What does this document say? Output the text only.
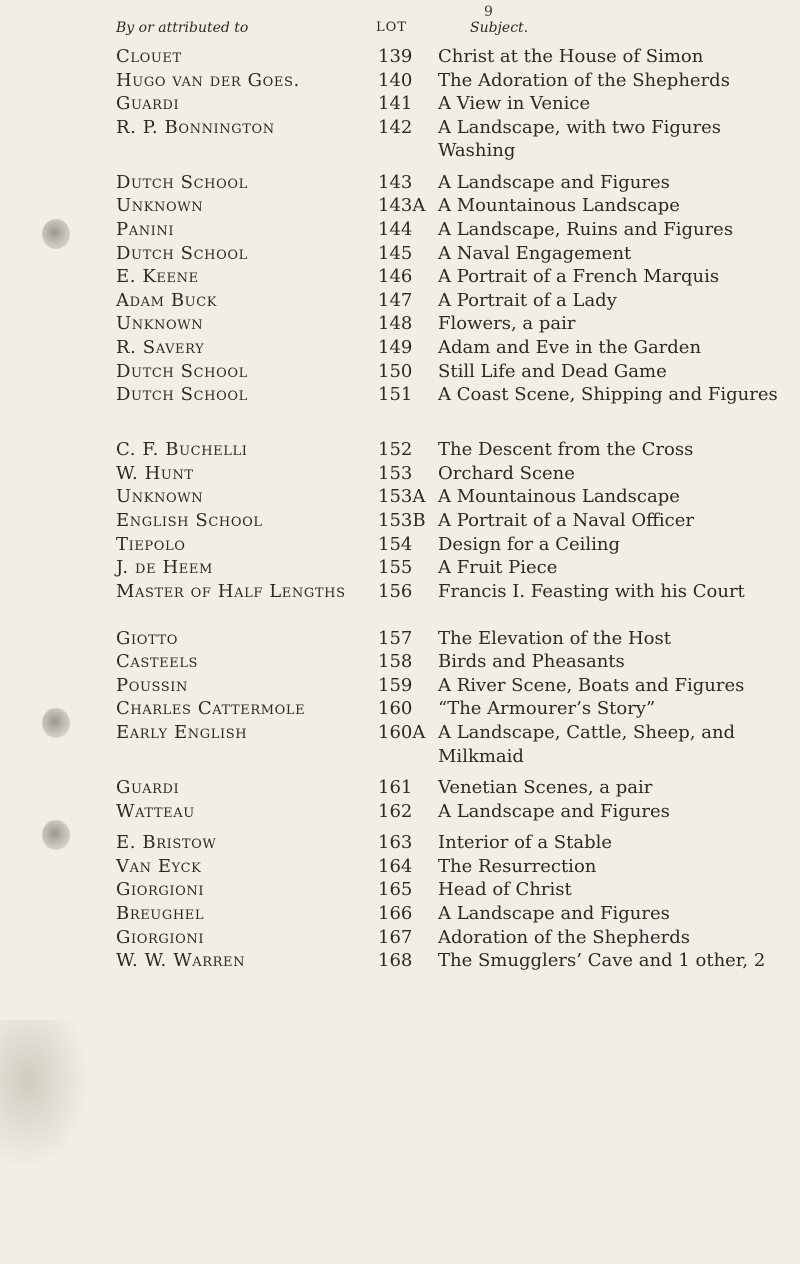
9
By or attributed to	LOT	Subject.
Clouet	139 Christ at the House of Simon
Hugo van der Goes.	140 The Adoration of the Shepherds
Guardi	141 A View in Venice
R. P. Bonnington	142 A Landscape, with two Figures Washing
Dutch School	143 A Landscape and Figures
Unknown	143A A Mountainous Landscape
Panini	144 A Landscape, Ruins and Figures
Dutch School	145 A Naval Engagement
E. Keene	146 A Portrait of a French Marquis
Adam Buck	147 A Portrait of a Lady
Unknown	148 Flowers, a pair
R. Savery	149 Adam and Eve in the Garden
Dutch School	150 Still Life and Dead Game
Dutch School	151 A Coast Scene, Shipping and Figures
C. F. Buchelli	152 The Descent from the Cross
W. Hunt	153 Orchard Scene
Unknown	153A A Mountainous Landscape
English School	153B A Portrait of a Naval Officer
Tiepolo	154 Design for a Ceiling
J. de Heem	155 A Fruit Piece
Master of Half Lengths 156 Francis I. Feasting with his Court
Giotto	157 The Elevation of the Host
Casteels	158 Birds and Pheasants
Poussin	159 A River Scene, Boats and Figures
Charles Cattermole	160 “The Armourer’s Story”
Early English	160A A Landscape, Cattle, Sheep, and Milkmaid
Guardi	161 Venetian Scenes, a pair
Watteau	162 A Landscape and Figures
E. Bristow	163 Interior of a Stable
Van Eyck	164 The Resurrection
Giorgioni	165 Head of Christ
Breughel	166 A Landscape and Figures
Giorgioni	167 Adoration of the Shepherds
W. W. Warren	168 The Smugglers’ Cave and 1 other, 2
